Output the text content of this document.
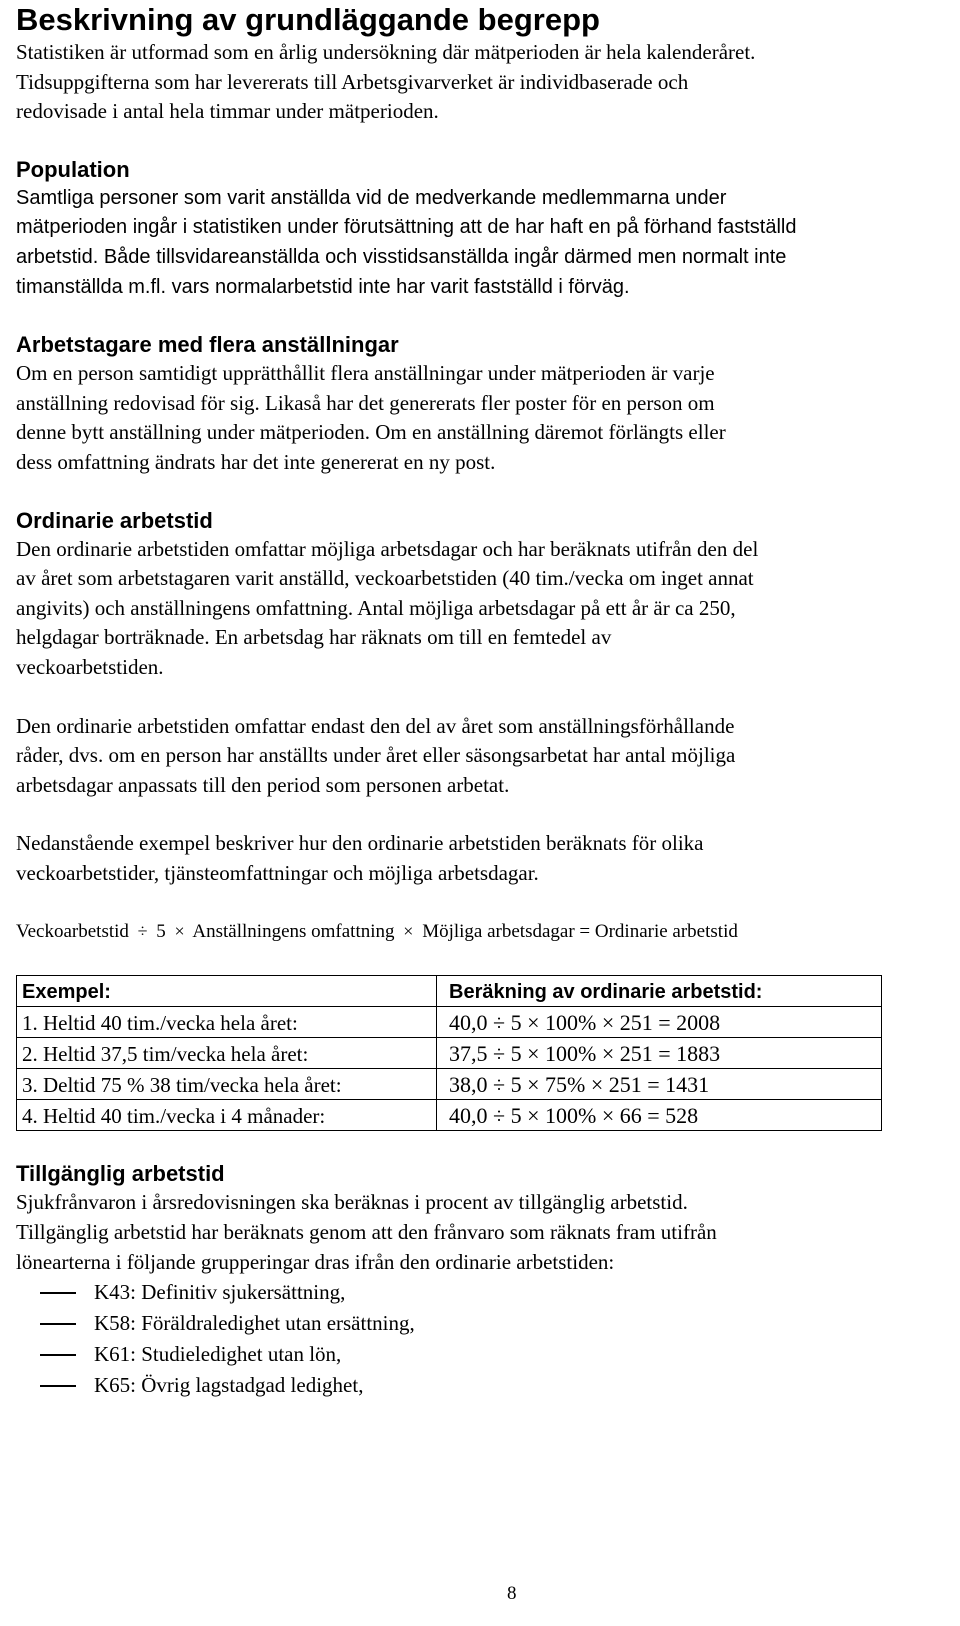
Beskrivning av grundläggande begrepp

Statistiken är utformad som en årlig undersökning där mätperioden är hela kalenderåret.

Tidsuppgifterna som har levererats till Arbetsgivarverket är individbaserade och

redovisade i antal hela timmar under mätperioden.

Population

Samtliga personer som varit anställda vid de medverkande medlemmarna under

mätperioden ingår i statistiken under förutsättning att de har haft en på förhand fastställd

arbetstid. Både tillsvidareanställda och visstidsanställda ingår därmed men normalt inte

timanställda m.fl. vars normalarbetstid inte har varit fastställd i förväg.

Arbetstagare med flera anställningar

Om en person samtidigt upprätthållit flera anställningar under mätperioden är varje

anställning redovisad för sig. Likaså har det genererats fler poster för en person om

denne bytt anställning under mätperioden. Om en anställning däremot förlängts eller

dess omfattning ändrats har det inte genererat en ny post.

Ordinarie arbetstid

Den ordinarie arbetstiden omfattar möjliga arbetsdagar och har beräknats utifrån den del

av året som arbetstagaren varit anställd, veckoarbetstiden (40 tim./vecka om inget annat

angivits) och anställningens omfattning. Antal möjliga arbetsdagar på ett år är ca 250,

helgdagar borträknade. En arbetsdag har räknats om till en femtedel av

veckoarbetstiden.

Den ordinarie arbetstiden omfattar endast den del av året som anställningsförhållande

råder, dvs. om en person har anställts under året eller säsongsarbetat har antal möjliga

arbetsdagar anpassats till den period som personen arbetat.

Nedanstående exempel beskriver hur den ordinarie arbetstiden beräknats för olika

veckoarbetstider, tjänsteomfattningar och möjliga arbetsdagar.

Veckoarbetstid ÷ 5 × Anställningens omfattning × Möjliga arbetsdagar = Ordinarie arbetstid

Exempel:	Beräkning av ordinarie arbetstid:
1. Heltid 40 tim./vecka hela året:	40,0 ÷ 5 × 100% × 251 = 2008
2. Heltid 37,5 tim/vecka hela året:	37,5 ÷ 5 × 100% × 251 = 1883
3. Deltid 75 % 38 tim/vecka hela året:	38,0 ÷ 5 × 75% × 251 = 1431
4. Heltid 40 tim./vecka i 4 månader:	40,0 ÷ 5 × 100% × 66 = 528
Tillgänglig arbetstid

Sjukfrånvaron i årsredovisningen ska beräknas i procent av tillgänglig arbetstid.

Tillgänglig arbetstid har beräknats genom att den frånvaro som räknats fram utifrån

lönearterna i följande grupperingar dras ifrån den ordinarie arbetstiden:

K43: Definitiv sjukersättning,
K58: Föräldraledighet utan ersättning,
K61: Studieledighet utan lön,
K65: Övrig lagstadgad ledighet,
8
